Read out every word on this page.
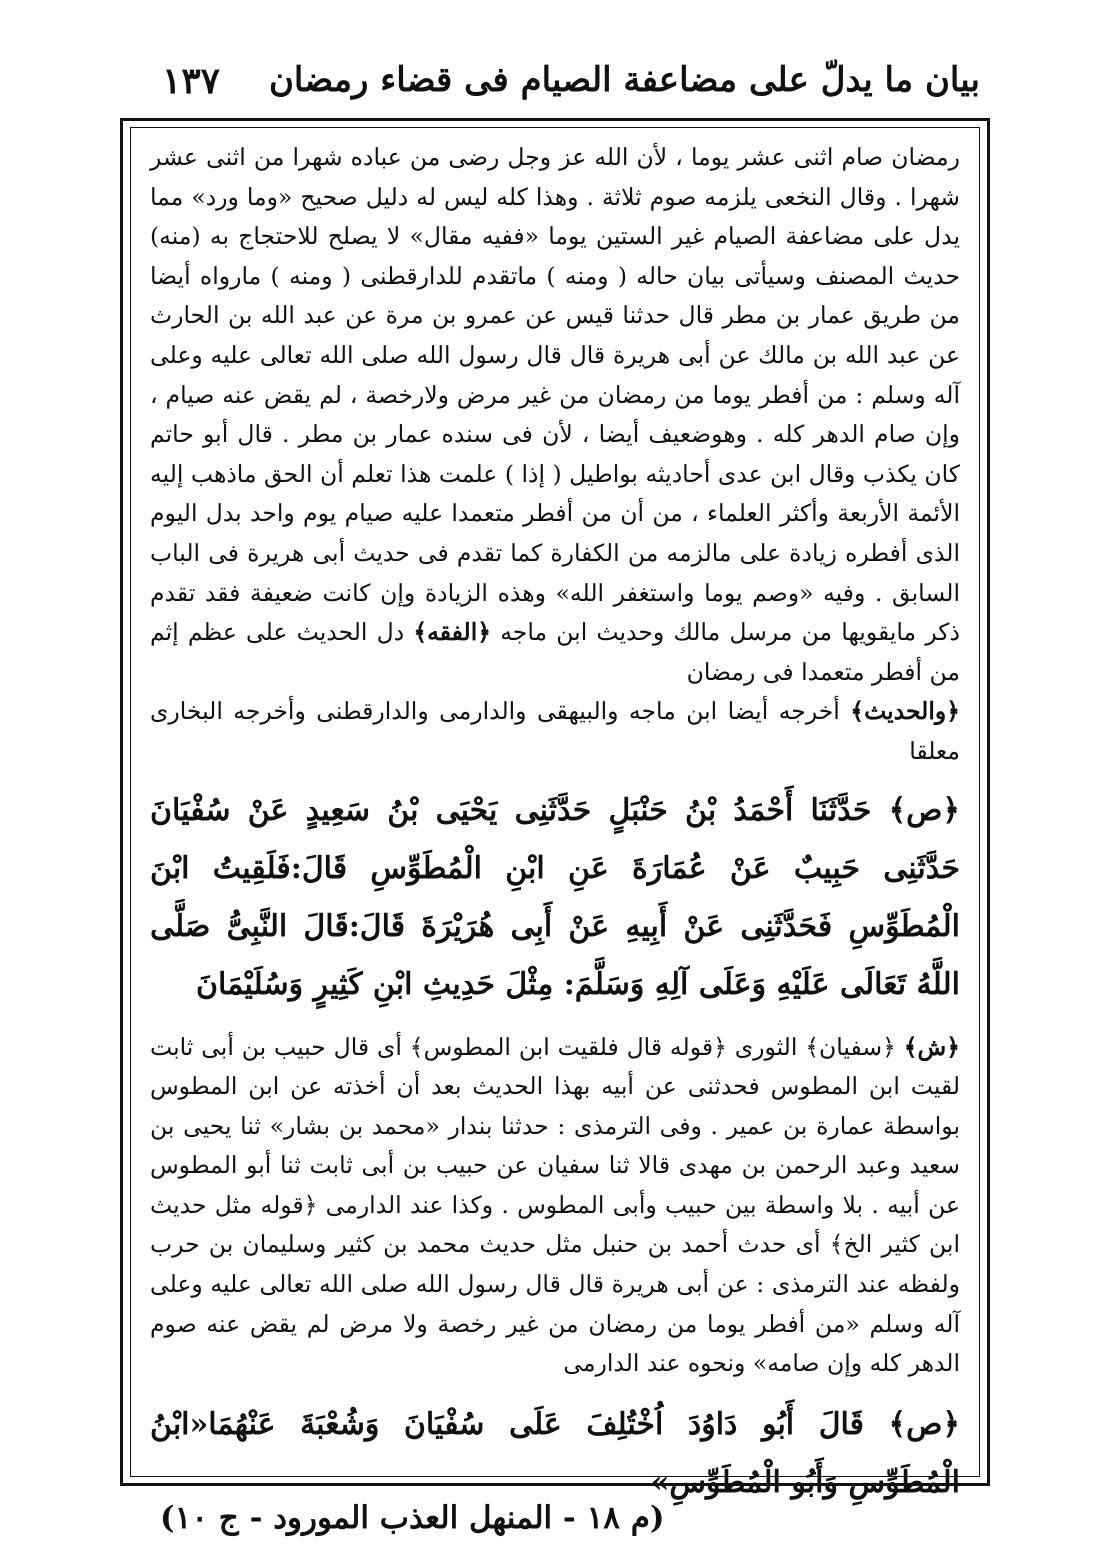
١٣٧ بيان ما يدلّ على مضاعفة الصيام فى قضاء رمضان

رمضان صام اثنى عشر يوما ، لأن الله عز وجل رضى من عباده شهرا من اثنى عشر شهرا . وقال النخعى يلزمه صوم ثلاثة . وهذا كله ليس له دليل صحيح «وما ورد» مما يدل على مضاعفة الصيام غير الستين يوما «ففيه مقال» لا يصلح للاحتجاج به (منه) حديث المصنف وسيأتى بيان حاله ( ومنه ) ماتقدم للدارقطنى ( ومنه ) مارواه أيضا من طريق عمار بن مطر قال حدثنا قيس عن عمرو بن مرة عن عبد الله بن الحارث عن عبد الله بن مالك عن أبى هريرة قال قال رسول الله صلى الله تعالى عليه وعلى آله وسلم : من أفطر يوما من رمضان من غير مرض ولارخصة ، لم يقض عنه صيام ، وإن صام الدهر كله . وهوضعيف أيضا ، لأن فى سنده عمار بن مطر . قال أبو حاتم كان يكذب وقال ابن عدى أحاديثه بواطيل ( إذا ) علمت هذا تعلم أن الحق ماذهب إليه الأئمة الأربعة وأكثر العلماء ، من أن من أفطر متعمدا عليه صيام يوم واحد بدل اليوم الذى أفطره زيادة على مالزمه من الكفارة كما تقدم فى حديث أبى هريرة فى الباب السابق . وفيه «وصم يوما واستغفر الله» وهذه الزيادة وإن كانت ضعيفة فقد تقدم ذكر مايقويها من مرسل مالك وحديث ابن ماجه ﴿الفقه﴾ دل الحديث على عظم إثم من أفطر متعمدا فى رمضان

﴿والحديث﴾ أخرجه أيضا ابن ماجه والبيهقى والدارمى والدارقطنى وأخرجه البخارى معلقا

﴿ص﴾ حَدَّثَنَا أَحْمَدُ بْنُ حَنْبَلٍ حَدَّثَنِى يَحْيَى بْنُ سَعِيدٍ عَنْ سُفْيَانَ حَدَّثَنِى حَبِيبٌ عَنْ عُمَارَةَ عَنِ ابْنِ الْمُطَوِّسِ قَالَ:فَلَقِيتُ ابْنَ الْمُطَوِّسِ فَحَدَّثَنِى عَنْ أَبِيهِ عَنْ أَبِى هُرَيْرَةَ قَالَ:قَالَ النَّبِىُّ صَلَّى اللَّهُ تَعَالَى عَلَيْهِ وَعَلَى آلِهِ وَسَلَّمَ: مِثْلَ حَدِيثِ ابْنِ كَثِيرٍ وَسُلَيْمَانَ

﴿ش﴾ ﴿سفيان﴾ الثورى ﴿قوله قال فلقيت ابن المطوس﴾ أى قال حبيب بن أبى ثابت لقيت ابن المطوس فحدثنى عن أبيه بهذا الحديث بعد أن أخذته عن ابن المطوس بواسطة عمارة بن عمير . وفى الترمذى : حدثنا بندار «محمد بن بشار» ثنا يحيى بن سعيد وعبد الرحمن بن مهدى قالا ثنا سفيان عن حبيب بن أبى ثابت ثنا أبو المطوس عن أبيه . بلا واسطة بين حبيب وأبى المطوس . وكذا عند الدارمى ﴿قوله مثل حديث ابن كثير الخ﴾ أى حدث أحمد بن حنبل مثل حديث محمد بن كثير وسليمان بن حرب ولفظه عند الترمذى : عن أبى هريرة قال قال رسول الله صلى الله تعالى عليه وعلى آله وسلم «من أفطر يوما من رمضان من غير رخصة ولا مرض لم يقض عنه صوم الدهر كله وإن صامه» ونحوه عند الدارمى

﴿ص﴾ قَالَ أَبُو دَاوُدَ اُخْتُلِفَ عَلَى سُفْيَانَ وَشُعْبَةَ عَنْهُمَا«ابْنُ الْمُطَوِّسِ وَأَبُو الْمُطَوِّسِ»

(م ١٨ - المنهل العذب المورود - ج ١٠)
